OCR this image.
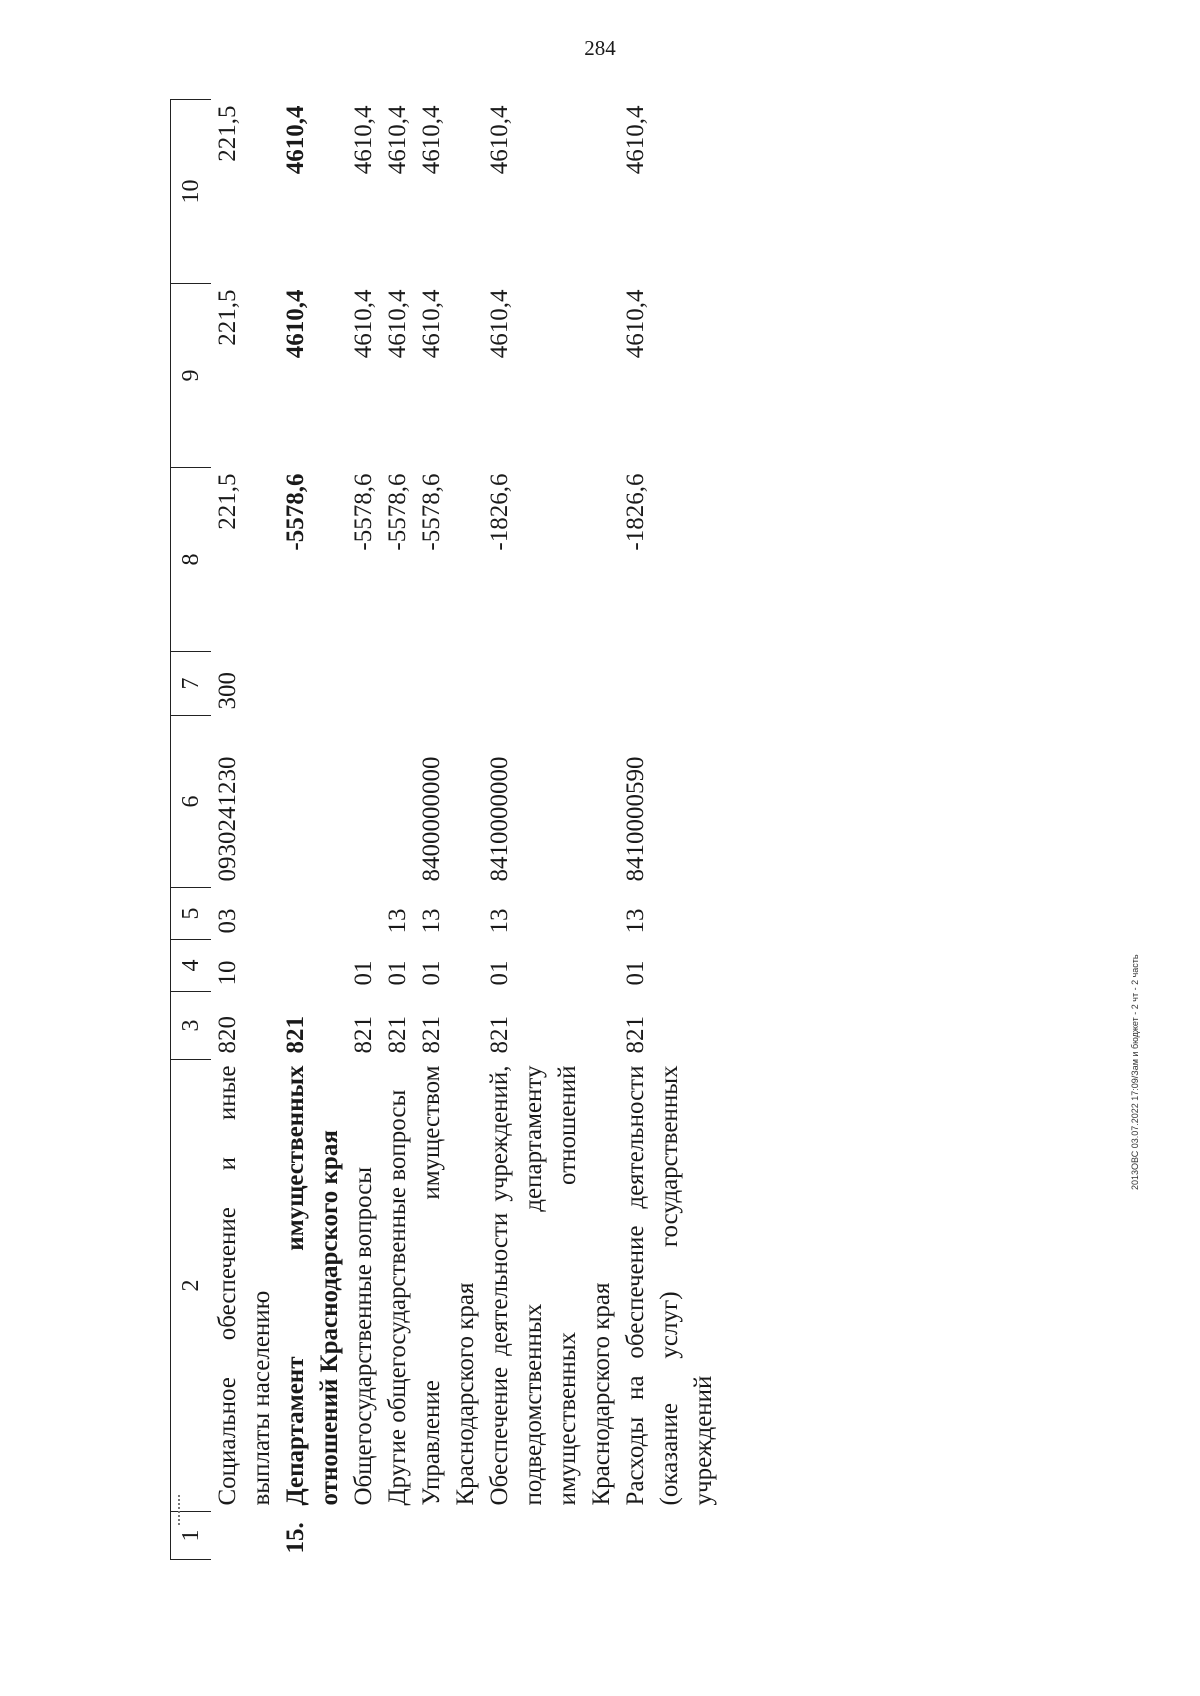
284
1	2	3	4	5	6	7	8	9	10
	Социальное обеспечение и иные выплаты населению	820	10	03	0930241230	300	221,5	221,5	221,5
15.	Департамент имущественных отношений Краснодарского края	821					-5578,6	4610,4	4610,4
	Общегосударственные вопросы	821	01				-5578,6	4610,4	4610,4
	Другие общегосударственные вопросы	821	01	13			-5578,6	4610,4	4610,4
	Управление имуществом Краснодарского края	821	01	13	8400000000		-5578,6	4610,4	4610,4
	Обеспечение деятельности учреждений, подведомственных департаменту имущественных отношений Краснодарского края	821	01	13	8410000000		-1826,6	4610,4	4610,4
	Расходы на обеспечение деятельности (оказание услуг) государственных учреждений	821	01	13	8410000590		-1826,6	4610,4	4610,4
2013ОВС 03.07.2022 17:09/Зам и бюджет - 2 чт - 2 часть
